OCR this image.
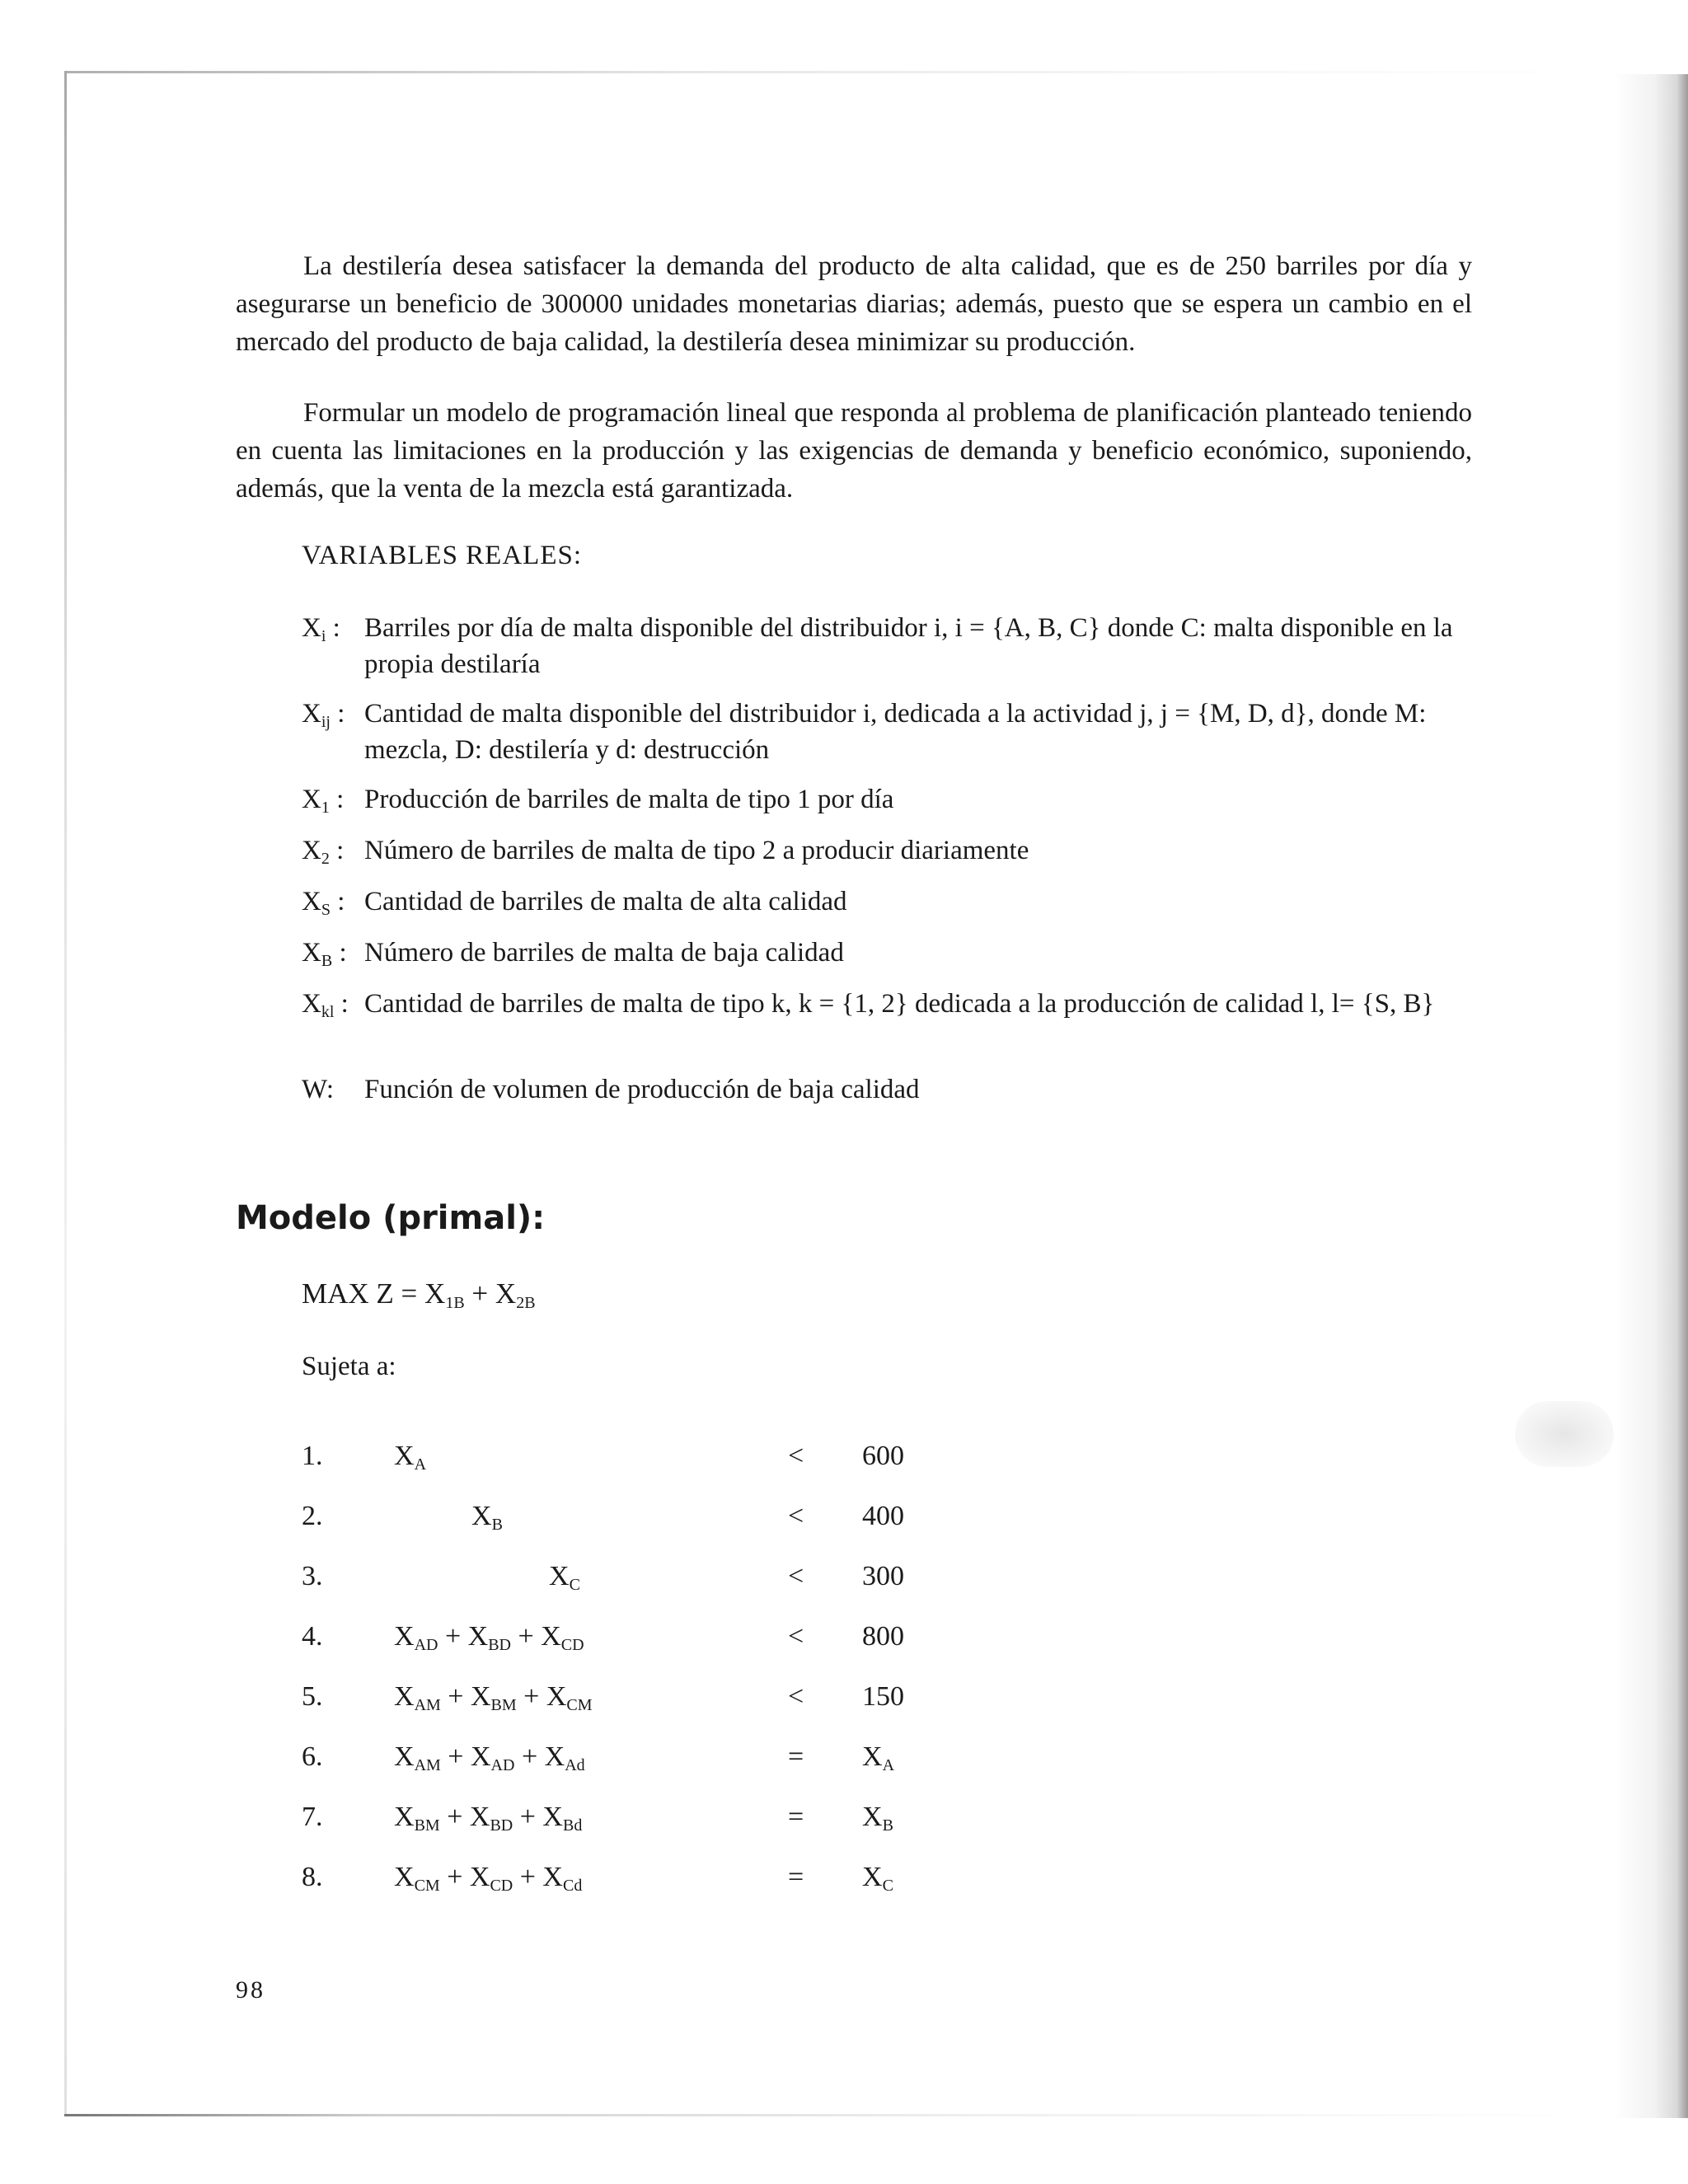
La destilería desea satisfacer la demanda del producto de alta calidad, que es de 250 barriles por día y asegurarse un beneficio de 300000 unidades monetarias diarias; además, puesto que se espera un cambio en el mercado del producto de baja calidad, la destilería desea minimizar su producción.

Formular un modelo de programación lineal que responda al problema de planificación planteado teniendo en cuenta las limitaciones en la producción y las exigencias de demanda y beneficio económico, suponiendo, además, que la venta de la mezcla está garantizada.

VARIABLES REALES:
$X_i$ : Barriles por día de malta disponible del distribuidor i, i = {A, B, C} donde C: malta disponible en la propia destilaría
$X_{ij}$ : Cantidad de malta disponible del distribuidor i, dedicada a la actividad j, j = {M, D, d}, donde M: mezcla, D: destilería y d: destrucción
$X_1$ : Producción de barriles de malta de tipo 1 por día
$X_2$ : Número de barriles de malta de tipo 2 a producir diariamente
$X_S$ : Cantidad de barriles de malta de alta calidad
$X_B$ : Número de barriles de malta de baja calidad
$X_{kl}$ : Cantidad de barriles de malta de tipo k, k = {1, 2} dedicada a la producción de calidad l, l= {S, B}
W:	Función de volumen de producción de baja calidad
Modelo (primal):
MAX $Z = X_{1B} + X_{2B}$
Sujeta a:
1.	$X_A$	< 600
2.	$X_B$	< 400
3.	$X_C$	< 300
4.	$X_{AD} + X_{BD} + X_{CD}$	< 800
5.	$X_{AM} + X_{BM} + X_{CM}$	< 150
6.	$X_{AM} + X_{AD} + X_{Ad}$	= $X_A$
7.	$X_{BM} + X_{BD} + X_{Bd}$	= $X_B$
8.	$X_{CM} + X_{CD} + X_{Cd}$	= $X_C$
98
